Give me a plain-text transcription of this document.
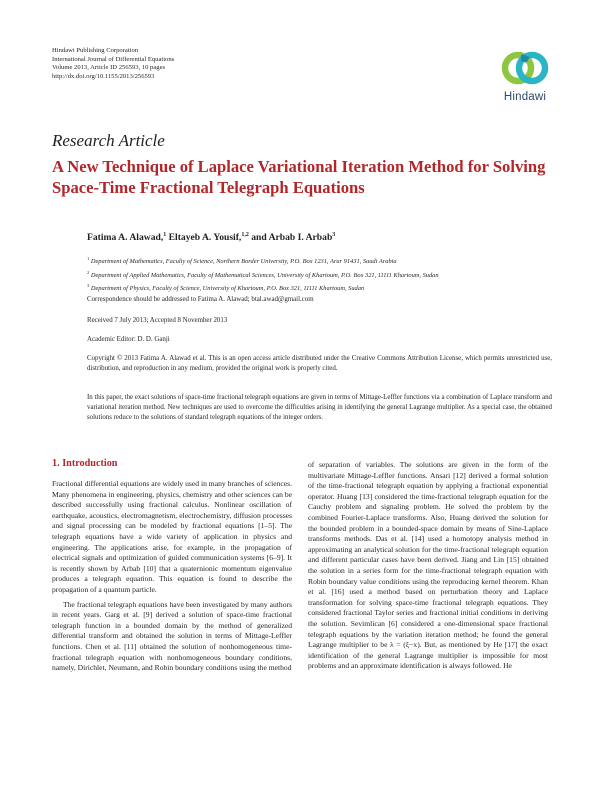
Hindawi Publishing Corporation
International Journal of Differential Equations
Volume 2013, Article ID 256593, 10 pages
http://dx.doi.org/10.1155/2013/256593
Hindawi
Research Article
A New Technique of Laplace Variational Iteration Method for Solving Space-Time Fractional Telegraph Equations
Fatima A. Alawad,$^1$ Eltayeb A. Yousif,$^{1,2}$ and Arbab I. Arbab$^3$
$^1$ Department of Mathematics, Faculty of Science, Northern Border University, P.O. Box 1231, Arar 91431, Saudi Arabia
$^2$ Department of Applied Mathematics, Faculty of Mathematical Sciences, University of Khartoum, P.O. Box 321, 11111 Khartoum, Sudan
$^3$ Department of Physics, Faculty of Science, University of Khartoum, P.O. Box 321, 11111 Khartoum, Sudan
Correspondence should be addressed to Fatima A. Alawad; btal.awad@gmail.com
Received 7 July 2013; Accepted 8 November 2013
Academic Editor: D. D. Ganji
Copyright © 2013 Fatima A. Alawad et al. This is an open access article distributed under the Creative Commons Attribution License, which permits unrestricted use, distribution, and reproduction in any medium, provided the original work is properly cited.
In this paper, the exact solutions of space-time fractional telegraph equations are given in terms of Mittage-Leffler functions via a combination of Laplace transform and variational iteration method. New techniques are used to overcome the difficulties arising in identifying the general Lagrange multiplier. As a special case, the obtained solutions reduce to the solutions of standard telegraph equations of the integer orders.
1. Introduction

Fractional differential equations are widely used in many branches of sciences. Many phenomena in engineering, physics, chemistry and other sciences can be described successfully using fractional calculus. Nonlinear oscillation of earthquake, acoustics, electromagnetism, electrochemistry, diffusion processes and signal processing can be modeled by fractional equations [1–5]. The telegraph equations have a wide variety of application in physics and engineering. The applications arise, for example, in the propagation of electrical signals and optimization of guided communication systems [6–9]. It is recently shown by Arbab [10] that a quaternionic momentum eigenvalue produces a telegraph equation. This equation is found to describe the propagation of a quantum particle.

The fractional telegraph equations have been investigated by many authors in recent years. Garg et al. [9] derived a solution of space-time fractional telegraph function in a bounded domain by the method of generalized differential transform and obtained the solution in terms of Mittage-Leffler functions. Chen et al. [11] obtained the solution of nonhomogeneous time-fractional telegraph equation with nonhomogeneous boundary conditions, namely, Dirichlet, Neumann, and Robin boundary conditions using the method

of separation of variables. The solutions are given in the form of the multivariate Mittage-Leffler functions. Ansari [12] derived a formal solution of the time-fractional telegraph equation by applying a fractional exponential operator. Huang [13] considered the time-fractional telegraph equation for the Cauchy problem and signaling problem. He solved the problem by the combined Fourier-Laplace transforms. Also, Huang derived the solution for the bounded problem in a bounded-space domain by means of Sine-Laplace transforms methods. Das et al. [14] used a homotopy analysis method in approximating an analytical solution for the time-fractional telegraph equation and different particular cases have been derived. Jiang and Lin [15] obtained the solution in a series form for the time-fractional telegraph equation with Robin boundary value conditions using the reproducing kernel theorem. Khan et al. [16] used a method based on perturbation theory and Laplace transformation for solving space-time fractional telegraph equations. They considered fractional Taylor series and fractional initial conditions in deriving the solution. Sevimlican [6] considered a one-dimensional space fractional telegraph equations by the variation iteration method; he found the general Lagrange multiplier to be λ = (ξ−x). But, as mentioned by He [17] the exact identification of the general Lagrange multiplier is impossible for most problems and an approximate identification is always followed. He
